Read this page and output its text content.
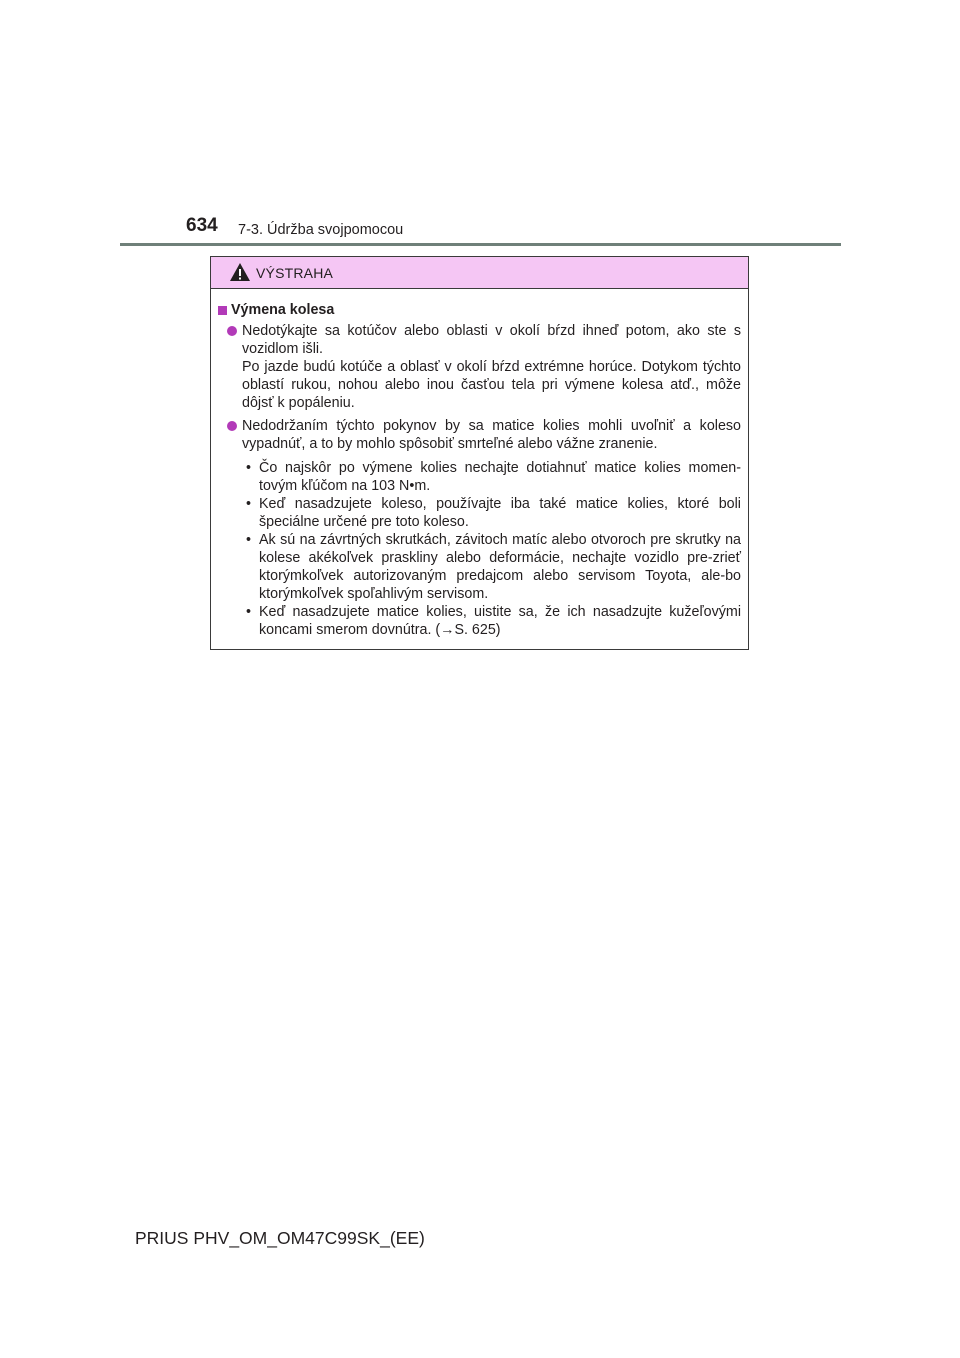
634 7-3. Údržba svojpomocou
VÝSTRAHA
Výmena kolesa

Nedotýkajte sa kotúčov alebo oblasti v okolí bŕzd ihneď potom, ako ste s vozidlom išli.

Po jazde budú kotúče a oblasť v okolí bŕzd extrémne horúce. Dotykom týchto oblastí rukou, nohou alebo inou časťou tela pri výmene kolesa atď., môže dôjsť k popáleniu.

Nedodržaním týchto pokynov by sa matice kolies mohli uvoľniť a koleso vypadnúť, a to by mohlo spôsobiť smrteľné alebo vážne zranenie.

• Čo najskôr po výmene kolies nechajte dotiahnuť matice kolies momen-tovým kľúčom na 103 N•m.
• Keď nasadzujete koleso, používajte iba také matice kolies, ktoré boli špeciálne určené pre toto koleso.
• Ak sú na závrtných skrutkách, závitoch matíc alebo otvoroch pre skrutky na kolese akékoľvek praskliny alebo deformácie, nechajte vozidlo pre-zrieť ktorýmkoľvek autorizovaným predajcom alebo servisom Toyota, ale-bo ktorýmkoľvek spoľahlivým servisom.
• Keď nasadzujete matice kolies, uistite sa, že ich nasadzujte kužeľovými koncami smerom dovnútra. (→S. 625)
PRIUS PHV_OM_OM47C99SK_(EE)
